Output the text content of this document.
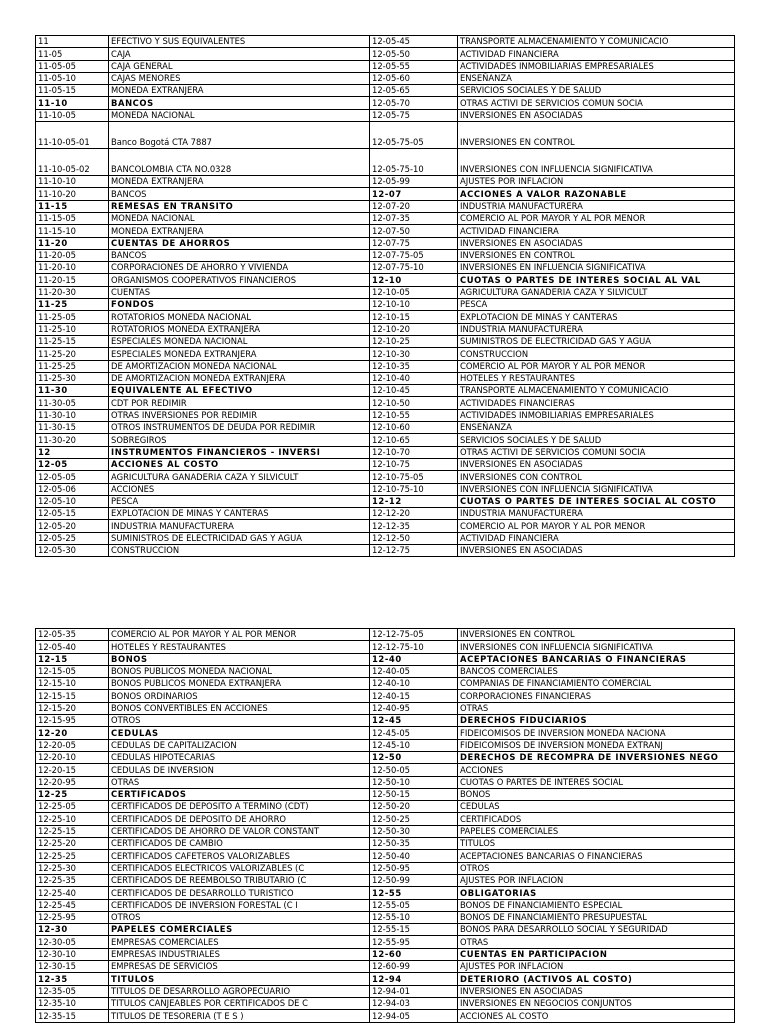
11	EFECTIVO Y SUS EQUIVALENTES	12-05-45	TRANSPORTE ALMACENAMIENTO Y COMUNICACIO
11-05	CAJA	12-05-50	ACTIVIDAD FINANCIERA
11-05-05	CAJA GENERAL	12-05-55	ACTIVIDADES INMOBILIARIAS EMPRESARIALES
11-05-10	CAJAS MENORES	12-05-60	ENSEÑANZA
11-05-15	MONEDA EXTRANJERA	12-05-65	SERVICIOS SOCIALES Y DE SALUD
11-10	BANCOS	12-05-70	OTRAS ACTIVI DE SERVICIOS COMUN SOCIA
11-10-05	MONEDA NACIONAL	12-05-75	INVERSIONES EN ASOCIADAS
11-10-05-01	Banco Bogotá CTA 7887	12-05-75-05	INVERSIONES EN CONTROL
11-10-05-02	BANCOLOMBIA CTA NO.0328	12-05-75-10	INVERSIONES CON INFLUENCIA SIGNIFICATIVA
11-10-10	MONEDA EXTRANJERA	12-05-99	AJUSTES POR INFLACION
11-10-20	BANCOS	12-07	ACCIONES A VALOR RAZONABLE
11-15	REMESAS EN TRANSITO	12-07-20	INDUSTRIA MANUFACTURERA
11-15-05	MONEDA NACIONAL	12-07-35	COMERCIO AL POR MAYOR Y AL POR MENOR
11-15-10	MONEDA EXTRANJERA	12-07-50	ACTIVIDAD FINANCIERA
11-20	CUENTAS DE AHORROS	12-07-75	INVERSIONES EN ASOCIADAS
11-20-05	BANCOS	12-07-75-05	INVERSIONES EN CONTROL
11-20-10	CORPORACIONES DE AHORRO Y VIVIENDA	12-07-75-10	INVERSIONES EN INFLUENCIA SIGNIFICATIVA
11-20-15	ORGANISMOS COOPERATIVOS FINANCIEROS	12-10	CUOTAS O PARTES DE INTERES SOCIAL AL VAL
11-20-30	CUENTAS	12-10-05	AGRICULTURA GANADERIA CAZA Y SILVICULT
11-25	FONDOS	12-10-10	PESCA
11-25-05	ROTATORIOS MONEDA NACIONAL	12-10-15	EXPLOTACION DE MINAS Y CANTERAS
11-25-10	ROTATORIOS MONEDA EXTRANJERA	12-10-20	INDUSTRIA MANUFACTURERA
11-25-15	ESPECIALES MONEDA NACIONAL	12-10-25	SUMINISTROS DE ELECTRICIDAD GAS Y AGUA
11-25-20	ESPECIALES MONEDA EXTRANJERA	12-10-30	CONSTRUCCION
11-25-25	DE AMORTIZACION MONEDA NACIONAL	12-10-35	COMERCIO AL POR MAYOR Y AL POR MENOR
11-25-30	DE AMORTIZACION MONEDA EXTRANJERA	12-10-40	HOTELES Y RESTAURANTES
11-30	EQUIVALENTE AL EFECTIVO	12-10-45	TRANSPORTE ALMACENAMIENTO Y COMUNICACIO
11-30-05	CDT POR REDIMIR	12-10-50	ACTIVIDADES FINANCIERAS
11-30-10	OTRAS INVERSIONES POR REDIMIR	12-10-55	ACTIVIDADES INMOBILIARIAS EMPRESARIALES
11-30-15	OTROS INSTRUMENTOS DE DEUDA POR REDIMIR	12-10-60	ENSEÑANZA
11-30-20	SOBREGIROS	12-10-65	SERVICIOS SOCIALES Y DE SALUD
12	INSTRUMENTOS FINANCIEROS - INVERSI	12-10-70	OTRAS ACTIVI DE SERVICIOS COMUNI SOCIA
12-05	ACCIONES AL COSTO	12-10-75	INVERSIONES EN ASOCIADAS
12-05-05	AGRICULTURA GANADERIA CAZA Y SILVICULT	12-10-75-05	INVERSIONES CON CONTROL
12-05-06	ACCIONES	12-10-75-10	INVERSIONES CON INFLUENCIA SIGNIFICATIVA
12-05-10	PESCA	12-12	CUOTAS O PARTES DE INTERES SOCIAL AL COSTO
12-05-15	EXPLOTACION DE MINAS Y CANTERAS	12-12-20	INDUSTRIA MANUFACTURERA
12-05-20	INDUSTRIA MANUFACTURERA	12-12-35	COMERCIO AL POR MAYOR Y AL POR MENOR
12-05-25	SUMINISTROS DE ELECTRICIDAD GAS Y AGUA	12-12-50	ACTIVIDAD FINANCIERA
12-05-30	CONSTRUCCION	12-12-75	INVERSIONES EN ASOCIADAS
12-05-35	COMERCIO AL POR MAYOR Y AL POR MENOR	12-12-75-05	INVERSIONES EN CONTROL
12-05-40	HOTELES Y RESTAURANTES	12-12-75-10	INVERSIONES CON INFLUENCIA SIGNIFICATIVA
12-15	BONOS	12-40	ACEPTACIONES BANCARIAS O FINANCIERAS
12-15-05	BONOS PUBLICOS MONEDA NACIONAL	12-40-05	BANCOS COMERCIALES
12-15-10	BONOS PUBLICOS MONEDA EXTRANJERA	12-40-10	COMPANIAS DE FINANCIAMIENTO COMERCIAL
12-15-15	BONOS ORDINARIOS	12-40-15	CORPORACIONES FINANCIERAS
12-15-20	BONOS CONVERTIBLES EN ACCIONES	12-40-95	OTRAS
12-15-95	OTROS	12-45	DERECHOS FIDUCIARIOS
12-20	CEDULAS	12-45-05	FIDEICOMISOS DE INVERSION MONEDA NACIONA
12-20-05	CEDULAS DE CAPITALIZACION	12-45-10	FIDEICOMISOS DE INVERSION MONEDA EXTRANJ
12-20-10	CEDULAS HIPOTECARIAS	12-50	DERECHOS DE RECOMPRA DE INVERSIONES NEGO
12-20-15	CEDULAS DE INVERSION	12-50-05	ACCIONES
12-20-95	OTRAS	12-50-10	CUOTAS O PARTES DE INTERES SOCIAL
12-25	CERTIFICADOS	12-50-15	BONOS
12-25-05	CERTIFICADOS DE DEPOSITO A TERMINO (CDT)	12-50-20	CEDULAS
12-25-10	CERTIFICADOS DE DEPOSITO DE AHORRO	12-50-25	CERTIFICADOS
12-25-15	CERTIFICADOS DE AHORRO DE VALOR CONSTANT	12-50-30	PAPELES COMERCIALES
12-25-20	CERTIFICADOS DE CAMBIO	12-50-35	TITULOS
12-25-25	CERTIFICADOS CAFETEROS VALORIZABLES	12-50-40	ACEPTACIONES BANCARIAS O FINANCIERAS
12-25-30	CERTIFICADOS ELECTRICOS VALORIZABLES (C	12-50-95	OTROS
12-25-35	CERTIFICADOS DE REEMBOLSO TRIBUTARIO (C	12-50-99	AJUSTES POR INFLACION
12-25-40	CERTIFICADOS DE DESARROLLO TURISTICO	12-55	OBLIGATORIAS
12-25-45	CERTIFICADOS DE INVERSION FORESTAL (C I	12-55-05	BONOS DE FINANCIAMIENTO ESPECIAL
12-25-95	OTROS	12-55-10	BONOS DE FINANCIAMIENTO PRESUPUESTAL
12-30	PAPELES COMERCIALES	12-55-15	BONOS PARA DESARROLLO SOCIAL Y SEGURIDAD
12-30-05	EMPRESAS COMERCIALES	12-55-95	OTRAS
12-30-10	EMPRESAS INDUSTRIALES	12-60	CUENTAS EN PARTICIPACION
12-30-15	EMPRESAS DE SERVICIOS	12-60-99	AJUSTES POR INFLACION
12-35	TITULOS	12-94	DETERIORO (ACTIVOS AL COSTO)
12-35-05	TITULOS DE DESARROLLO AGROPECUARIO	12-94-01	INVERSIONES EN ASOCIADAS
12-35-10	TITULOS CANJEABLES POR CERTIFICADOS DE C	12-94-03	INVERSIONES EN NEGOCIOS CONJUNTOS
12-35-15	TITULOS DE TESORERIA (T E S )	12-94-05	ACCIONES AL COSTO
